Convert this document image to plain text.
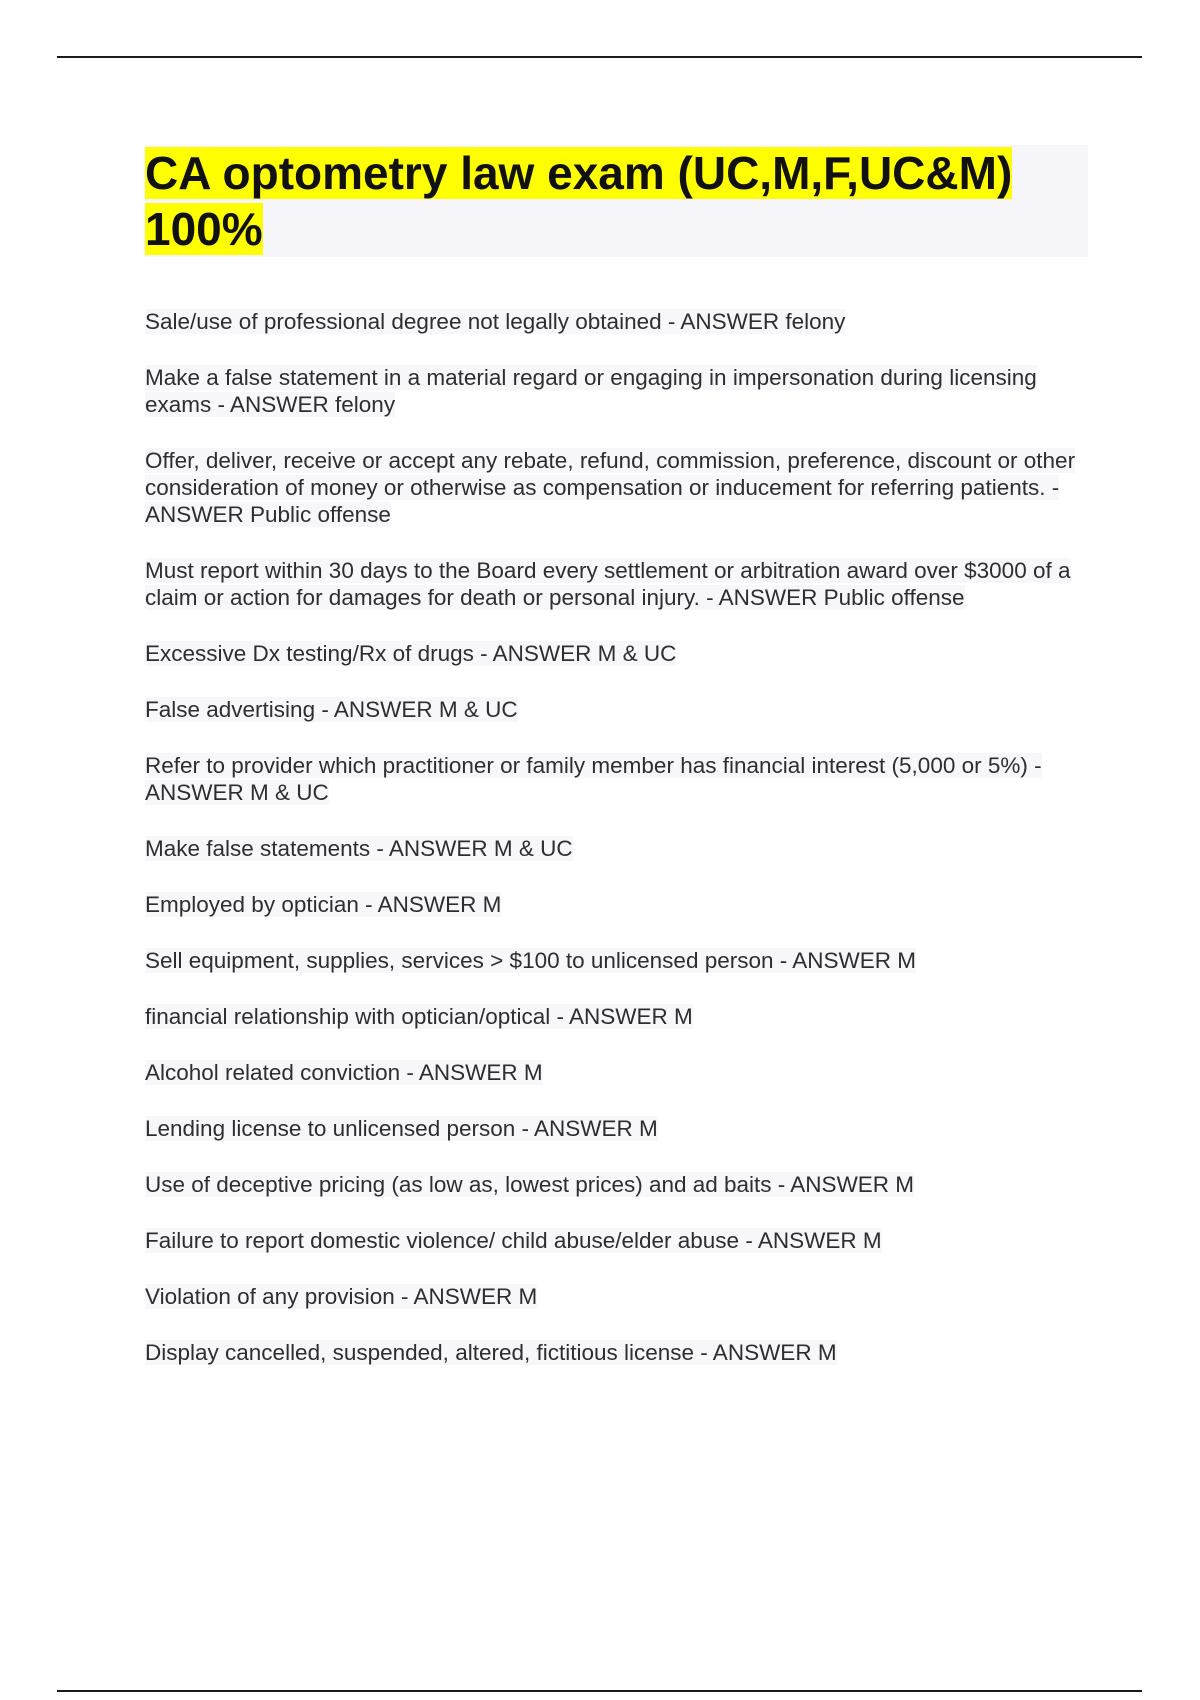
CA optometry law exam (UC,M,F,UC&M) 100%
Sale/use of professional degree not legally obtained - ANSWER felony
Make a false statement in a material regard or engaging in impersonation during licensing exams - ANSWER felony
Offer, deliver, receive or accept any rebate, refund, commission, preference, discount or other consideration of money or otherwise as compensation or inducement for referring patients. - ANSWER Public offense
Must report within 30 days to the Board every settlement or arbitration award over $3000 of a claim or action for damages for death or personal injury. - ANSWER Public offense
Excessive Dx testing/Rx of drugs - ANSWER M & UC
False advertising - ANSWER M & UC
Refer to provider which practitioner or family member has financial interest (5,000 or 5%) - ANSWER M & UC
Make false statements - ANSWER M & UC
Employed by optician - ANSWER M
Sell equipment, supplies, services > $100 to unlicensed person - ANSWER M
financial relationship with optician/optical - ANSWER M
Alcohol related conviction - ANSWER M
Lending license to unlicensed person - ANSWER M
Use of deceptive pricing (as low as, lowest prices) and ad baits - ANSWER M
Failure to report domestic violence/ child abuse/elder abuse - ANSWER M
Violation of any provision - ANSWER M
Display cancelled, suspended, altered, fictitious license - ANSWER M
